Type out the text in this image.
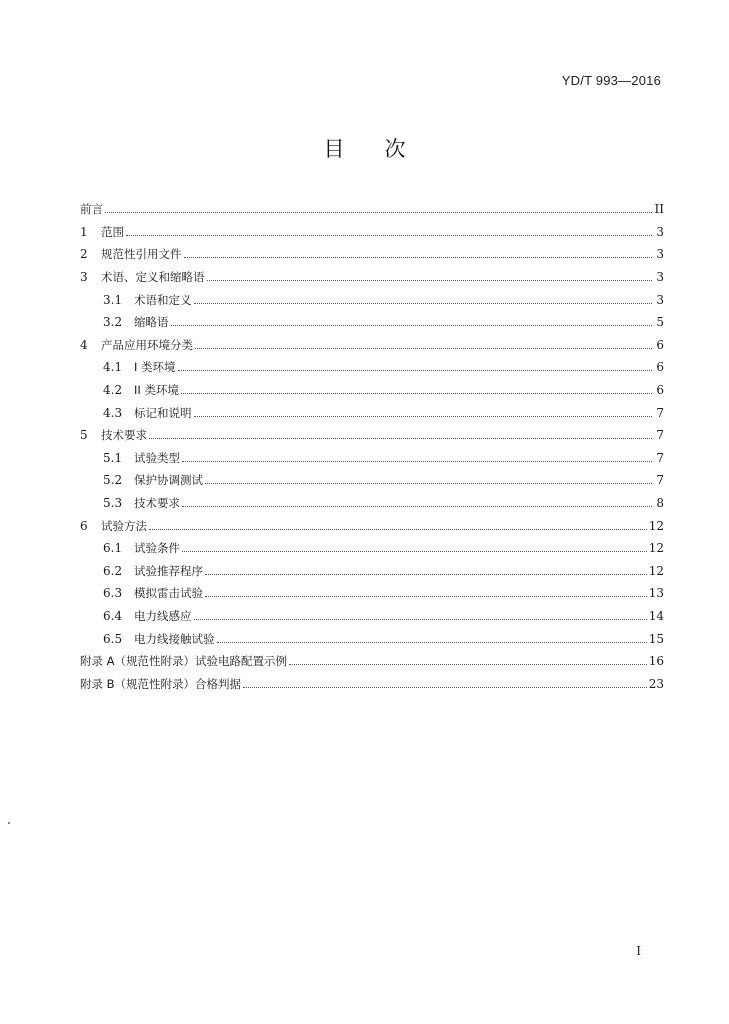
YD/T 993—2016
目次
前言	II
1	范围	3
2	规范性引用文件	3
3	术语、定义和缩略语	3
3.1	术语和定义	3
3.2	缩略语	5
4	产品应用环境分类	6
4.1	I 类环境	6
4.2	II 类环境	6
4.3	标记和说明	7
5	技术要求	7
5.1	试验类型	7
5.2	保护协调测试	7
5.3	技术要求	8
6	试验方法	12
6.1	试验条件	12
6.2	试验推荐程序	12
6.3	模拟雷击试验	13
6.4	电力线感应	14
6.5	电力线接触试验	15
附录 A（规范性附录）试验电路配置示例	16
附录 B（规范性附录）合格判据	23
I
